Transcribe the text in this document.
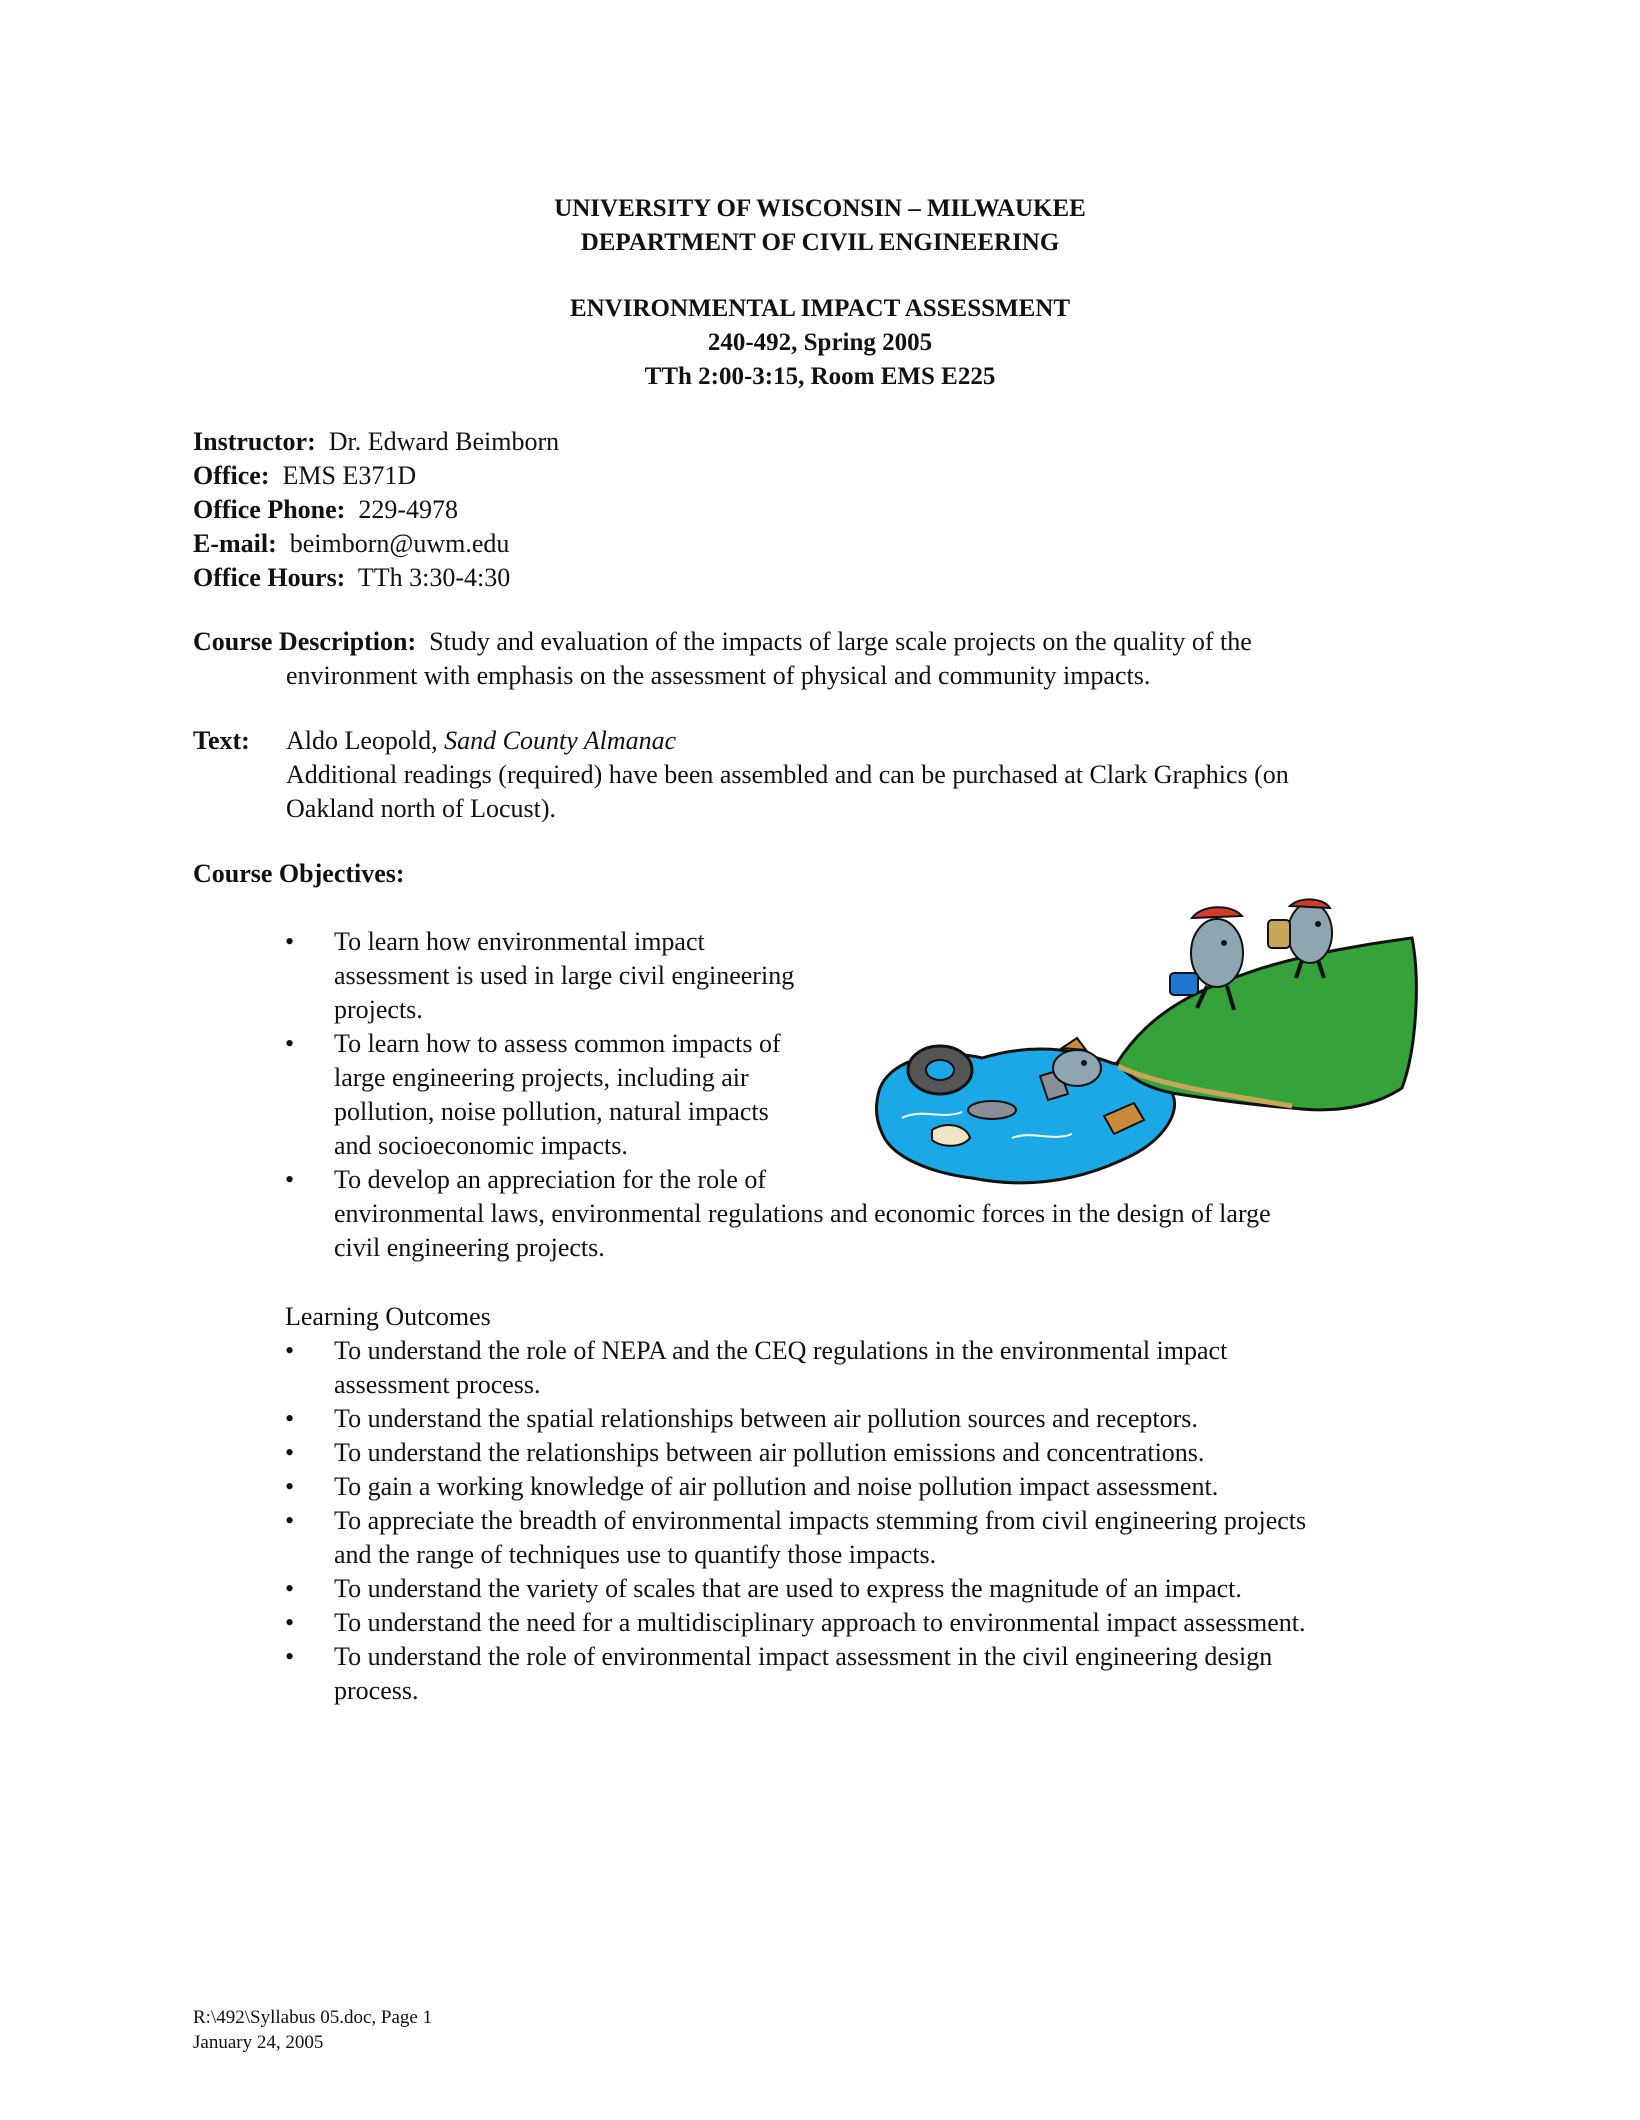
UNIVERSITY OF WISCONSIN – MILWAUKEE
DEPARTMENT OF CIVIL ENGINEERING
ENVIRONMENTAL IMPACT ASSESSMENT
240-492, Spring 2005
TTh 2:00-3:15, Room EMS E225
Instructor: Dr. Edward Beimborn
Office: EMS E371D
Office Phone: 229-4978
E-mail: beimborn@uwm.edu
Office Hours: TTh 3:30-4:30
Course Description: Study and evaluation of the impacts of large scale projects on the quality of the
environment with emphasis on the assessment of physical and community impacts.
Text: Aldo Leopold, Sand County Almanac
Additional readings (required) have been assembled and can be purchased at Clark Graphics (on
Oakland north of Locust).
Course Objectives:
• To learn how environmental impact
assessment is used in large civil engineering
projects.
• To learn how to assess common impacts of
large engineering projects, including air
pollution, noise pollution, natural impacts
and socioeconomic impacts.
• To develop an appreciation for the role of
environmental laws, environmental regulations and economic forces in the design of large
civil engineering projects.
Learning Outcomes
• To understand the role of NEPA and the CEQ regulations in the environmental impact
assessment process.
• To understand the spatial relationships between air pollution sources and receptors.
• To understand the relationships between air pollution emissions and concentrations.
• To gain a working knowledge of air pollution and noise pollution impact assessment.
• To appreciate the breadth of environmental impacts stemming from civil engineering projects
and the range of techniques use to quantify those impacts.
• To understand the variety of scales that are used to express the magnitude of an impact.
• To understand the need for a multidisciplinary approach to environmental impact assessment.
• To understand the role of environmental impact assessment in the civil engineering design
process.
R:\492\Syllabus 05.doc, Page 1
January 24, 2005
